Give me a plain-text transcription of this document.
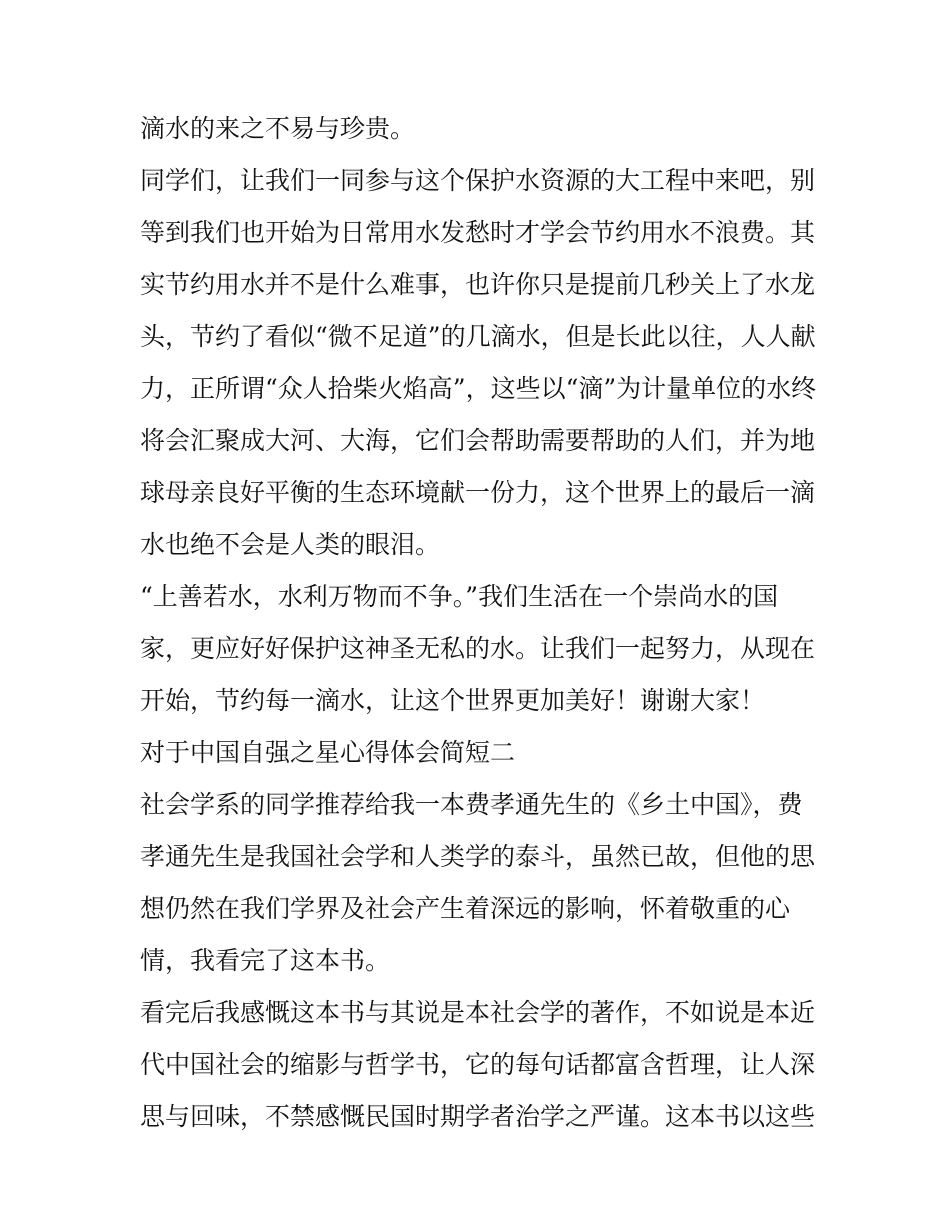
滴水的来之不易与珍贵。
同学们，让我们一同参与这个保护水资源的大工程中来吧，别
等到我们也开始为日常用水发愁时才学会节约用水不浪费。其
实节约用水并不是什么难事，也许你只是提前几秒关上了水龙
头，节约了看似“微不足道”的几滴水，但是长此以往，人人献
力，正所谓“众人拾柴火焰高”，这些以“滴”为计量单位的水终
将会汇聚成大河、大海，它们会帮助需要帮助的人们，并为地
球母亲良好平衡的生态环境献一份力，这个世界上的最后一滴
水也绝不会是人类的眼泪。
“上善若水，水利万物而不争。”我们生活在一个崇尚水的国
家，更应好好保护这神圣无私的水。让我们一起努力，从现在
开始，节约每一滴水，让这个世界更加美好！谢谢大家！
对于中国自强之星心得体会简短二
社会学系的同学推荐给我一本费孝通先生的《乡土中国》，费
孝通先生是我国社会学和人类学的泰斗，虽然已故，但他的思
想仍然在我们学界及社会产生着深远的影响，怀着敬重的心
情，我看完了这本书。
看完后我感慨这本书与其说是本社会学的著作，不如说是本近
代中国社会的缩影与哲学书，它的每句话都富含哲理，让人深
思与回味，不禁感慨民国时期学者治学之严谨。这本书以这些
